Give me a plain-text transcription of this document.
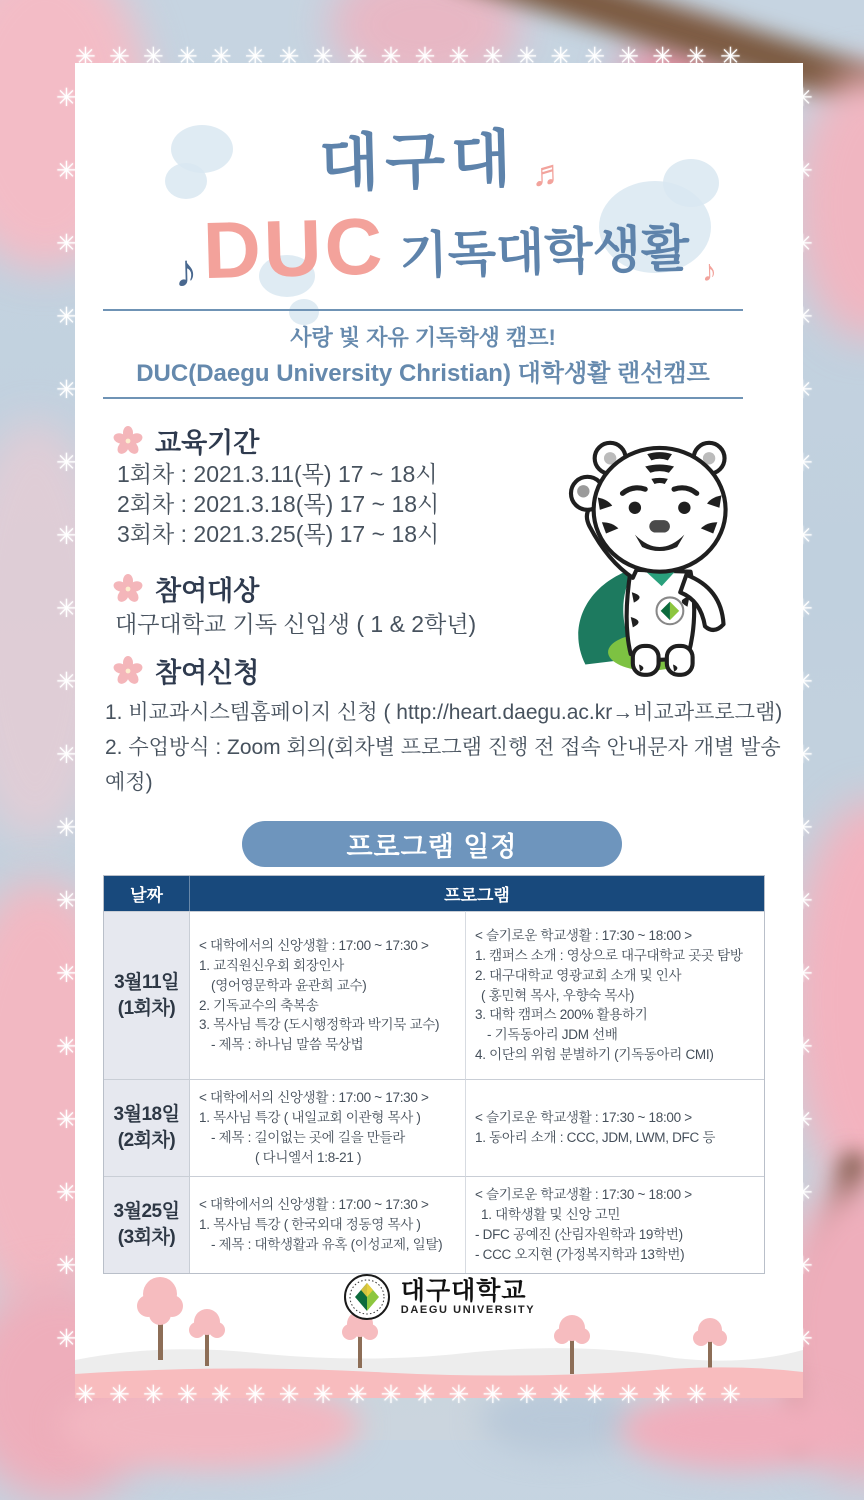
대구대 ♬
♪DUC 기독대학생활 $_♪$
사랑 빛 자유 기독학생 캠프!
DUC(Daegu University Christian) 대학생활 랜선캠프
교육기간
1회차 : 2021.3.11(목) 17 ~ 18시
2회차 : 2021.3.18(목) 17 ~ 18시
3회차 : 2021.3.25(목) 17 ~ 18시
참여대상
대구대학교 기독 신입생 ( 1 & 2학년)
참여신청
1. 비교과시스템홈페이지 신청 ( http://heart.daegu.ac.kr→비교과프로그램)
2. 수업방식 : Zoom 회의(회차별 프로그램 진행 전 접속 안내문자 개별 발송 예정)
프로그램 일정
날짜	프로그램
3월11일
(1회차)
< 대학에서의 신앙생활 : 17:00 ~ 17:30 >
1. 교직원신우회 회장인사
(영어영문학과 윤관희 교수)
2. 기독교수의 축복송
3. 목사님 특강 (도시행정학과 박기묵 교수)
- 제목 : 하나님 말씀 묵상법
< 슬기로운 학교생활 : 17:30 ~ 18:00 >
1. 캠퍼스 소개 : 영상으로 대구대학교 곳곳 탐방
2. 대구대학교 영광교회 소개 및 인사
( 홍민혁 목사, 우향숙 목사)
3. 대학 캠퍼스 200% 활용하기
- 기독동아리 JDM 선배
4. 이단의 위험 분별하기 (기독동아리 CMI)
3월18일
(2회차)
< 대학에서의 신앙생활 : 17:00 ~ 17:30 >
1. 목사님 특강 ( 내일교회 이관형 목사 )
- 제목 : 길이없는 곳에 길을 만들라
( 다니엘서 1:8-21 )
< 슬기로운 학교생활 : 17:30 ~ 18:00 >
1. 동아리 소개 : CCC, JDM, LWM, DFC 등
3월25일
(3회차)
< 대학에서의 신앙생활 : 17:00 ~ 17:30 >
1. 목사님 특강 ( 한국외대 정동영 목사 )
- 제목 : 대학생활과 유혹 (이성교제, 일탈)
< 슬기로운 학교생활 : 17:30 ~ 18:00 >
1. 대학생활 및 신앙 고민
- DFC 공예진 (산림자원학과 19학번)
- CCC 오지현 (가정복지학과 13학번)
대구대학교
DAEGU UNIVERSITY
✳✳✳✳✳✳✳✳✳✳✳✳✳✳✳✳✳✳✳✳
✳✳✳✳✳✳✳✳✳✳✳✳✳✳✳✳✳✳✳✳
✳✳✳✳✳✳✳✳✳✳✳✳✳✳✳✳✳✳
✳✳✳✳✳✳✳✳✳✳✳✳✳✳✳✳✳✳
